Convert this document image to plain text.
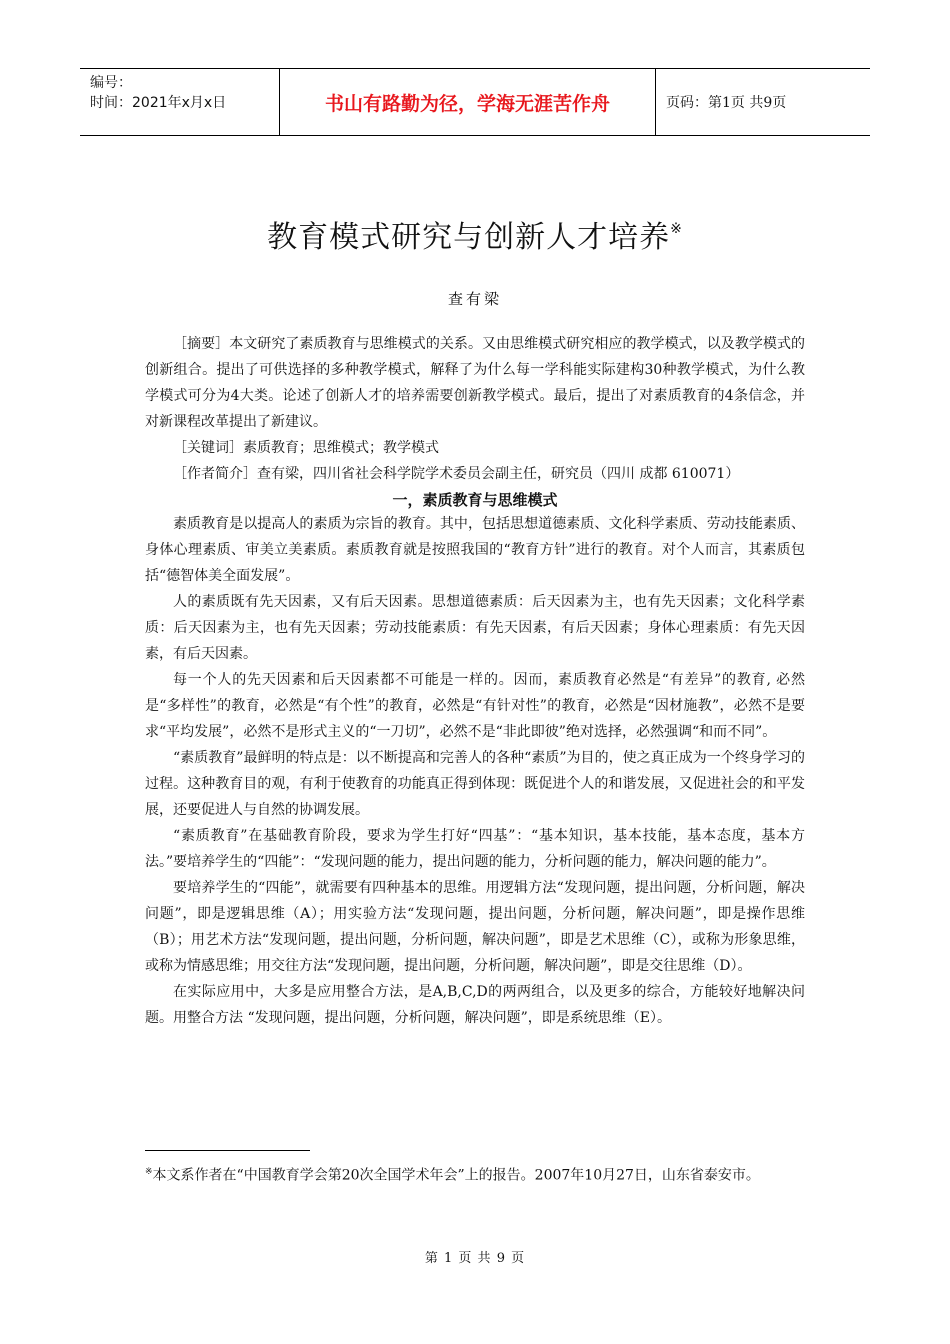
编号：
时间：2021年x月x日	书山有路勤为径，学海无涯苦作舟	页码：第1页 共9页
教育模式研究与创新人才培养※
查有梁

［摘要］本文研究了素质教育与思维模式的关系。又由思维模式研究相应的教学模式，以及教学模式的创新组合。提出了可供选择的多种教学模式，解释了为什么每一学科能实际建构30种教学模式，为什么教学模式可分为4大类。论述了创新人才的培养需要创新教学模式。最后，提出了对素质教育的4条信念，并对新课程改革提出了新建议。

［关键词］素质教育；思维模式；教学模式

［作者简介］查有梁，四川省社会科学院学术委员会副主任，研究员（四川 成都 610071）

一，素质教育与思维模式

素质教育是以提高人的素质为宗旨的教育。其中，包括思想道德素质、文化科学素质、劳动技能素质、身体心理素质、审美立美素质。素质教育就是按照我国的“教育方针”进行的教育。对个人而言，其素质包括“德智体美全面发展”。

人的素质既有先天因素，又有后天因素。思想道德素质：后天因素为主，也有先天因素；文化科学素质：后天因素为主，也有先天因素；劳动技能素质：有先天因素，有后天因素；身体心理素质：有先天因素，有后天因素。

每一个人的先天因素和后天因素都不可能是一样的。因而，素质教育必然是“有差异”的教育, 必然是“多样性”的教育，必然是“有个性”的教育，必然是“有针对性”的教育，必然是“因材施教”，必然不是要求“平均发展”，必然不是形式主义的“一刀切”，必然不是“非此即彼”绝对选择，必然强调“和而不同”。

“素质教育”最鲜明的特点是：以不断提高和完善人的各种“素质”为目的，使之真正成为一个终身学习的过程。这种教育目的观，有利于使教育的功能真正得到体现：既促进个人的和谐发展，又促进社会的和平发展，还要促进人与自然的协调发展。

“素质教育”在基础教育阶段，要求为学生打好“四基”：“基本知识，基本技能，基本态度，基本方法。”要培养学生的“四能”：“发现问题的能力，提出问题的能力，分析问题的能力，解决问题的能力”。

要培养学生的“四能”，就需要有四种基本的思维。用逻辑方法“发现问题，提出问题，分析问题，解决问题”，即是逻辑思维（A）；用实验方法“发现问题，提出问题，分析问题，解决问题”，即是操作思维（B）；用艺术方法“发现问题，提出问题，分析问题，解决问题”，即是艺术思维（C），或称为形象思维，或称为情感思维；用交往方法“发现问题，提出问题，分析问题，解决问题”，即是交往思维（D）。

在实际应用中，大多是应用整合方法，是A,B,C,D的两两组合，以及更多的综合，方能较好地解决问题。用整合方法 “发现问题，提出问题，分析问题，解决问题”，即是系统思维（E）。

※本文系作者在“中国教育学会第20次全国学术年会”上的报告。2007年10月27日，山东省泰安市。
第 1 页 共 9 页
